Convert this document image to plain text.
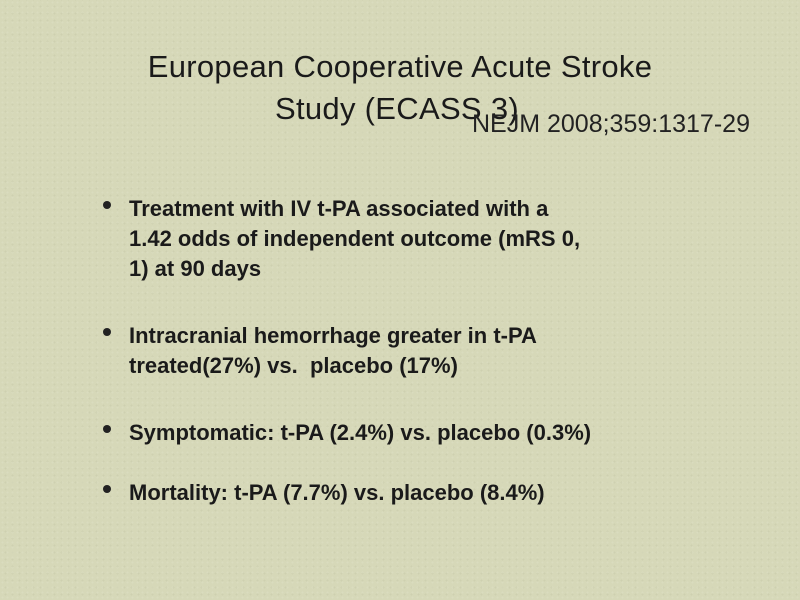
European Cooperative Acute Stroke
Study (ECASS 3)
NEJM 2008;359:1317-29
Treatment with IV t-PA associated with a
1.42 odds of independent outcome (mRS 0,
1) at 90 days
Intracranial hemorrhage greater in t-PA
treated(27%) vs.  placebo (17%)
Symptomatic: t-PA (2.4%) vs. placebo (0.3%)
Mortality: t-PA (7.7%) vs. placebo (8.4%)
